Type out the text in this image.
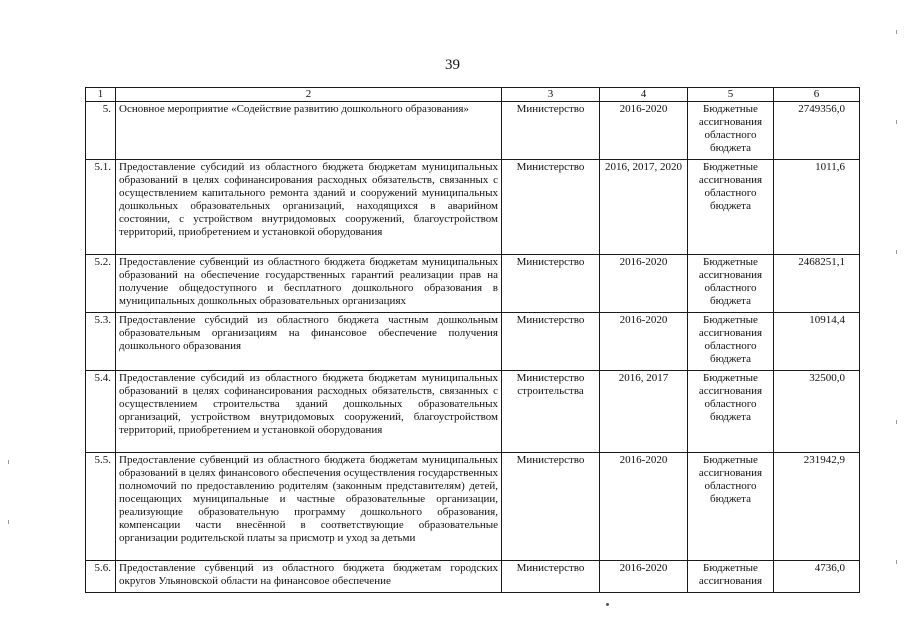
39
1	2	3	4	5	6
5.	Основное мероприятие «Содействие развитию дошкольного образования»	Министерство	2016-2020	Бюджетные ассигнования областного бюджета	2749356,0
5.1.	Предоставление субсидий из областного бюджета бюджетам муниципальных образований в целях софинансирования расходных обязательств, связанных с осуществлением капитального ремонта зданий и сооружений муниципальных дошкольных образовательных организаций, находящихся в аварийном состоянии, с устройством внутридомовых сооружений, благоустройством территорий, приобретением и установкой оборудования	Министерство	2016, 2017, 2020	Бюджетные ассигнования областного бюджета	1011,6
5.2.	Предоставление субвенций из областного бюджета бюджетам муниципальных образований на обеспечение государственных гарантий реализации прав на получение общедоступного и бесплатного дошкольного образования в муниципальных дошкольных образовательных организациях	Министерство	2016-2020	Бюджетные ассигнования областного бюджета	2468251,1
5.3.	Предоставление субсидий из областного бюджета частным дошкольным образовательным организациям на финансовое обеспечение получения дошкольного образования	Министерство	2016-2020	Бюджетные ассигнования областного бюджета	10914,4
5.4.	Предоставление субсидий из областного бюджета бюджетам муниципальных образований в целях софинансирования расходных обязательств, связанных с осуществлением строительства зданий дошкольных образовательных организаций, устройством внутридомовых сооружений, благоустройством территорий, приобретением и установкой оборудования	Министерство строительства	2016, 2017	Бюджетные ассигнования областного бюджета	32500,0
5.5.	Предоставление субвенций из областного бюджета бюджетам муниципальных образований в целях финансового обеспечения осуществления государственных полномочий по предоставлению родителям (законным представителям) детей, посещающих муниципальные и частные образовательные организации, реализующие образовательную программу дошкольного образования, компенсации части внесённой в соответствующие образовательные организации родительской платы за присмотр и уход за детьми	Министерство	2016-2020	Бюджетные ассигнования областного бюджета	231942,9
5.6.	Предоставление субвенций из областного бюджета бюджетам городских округов Ульяновской области на финансовое обеспечение	Министерство	2016-2020	Бюджетные ассигнования	4736,0
